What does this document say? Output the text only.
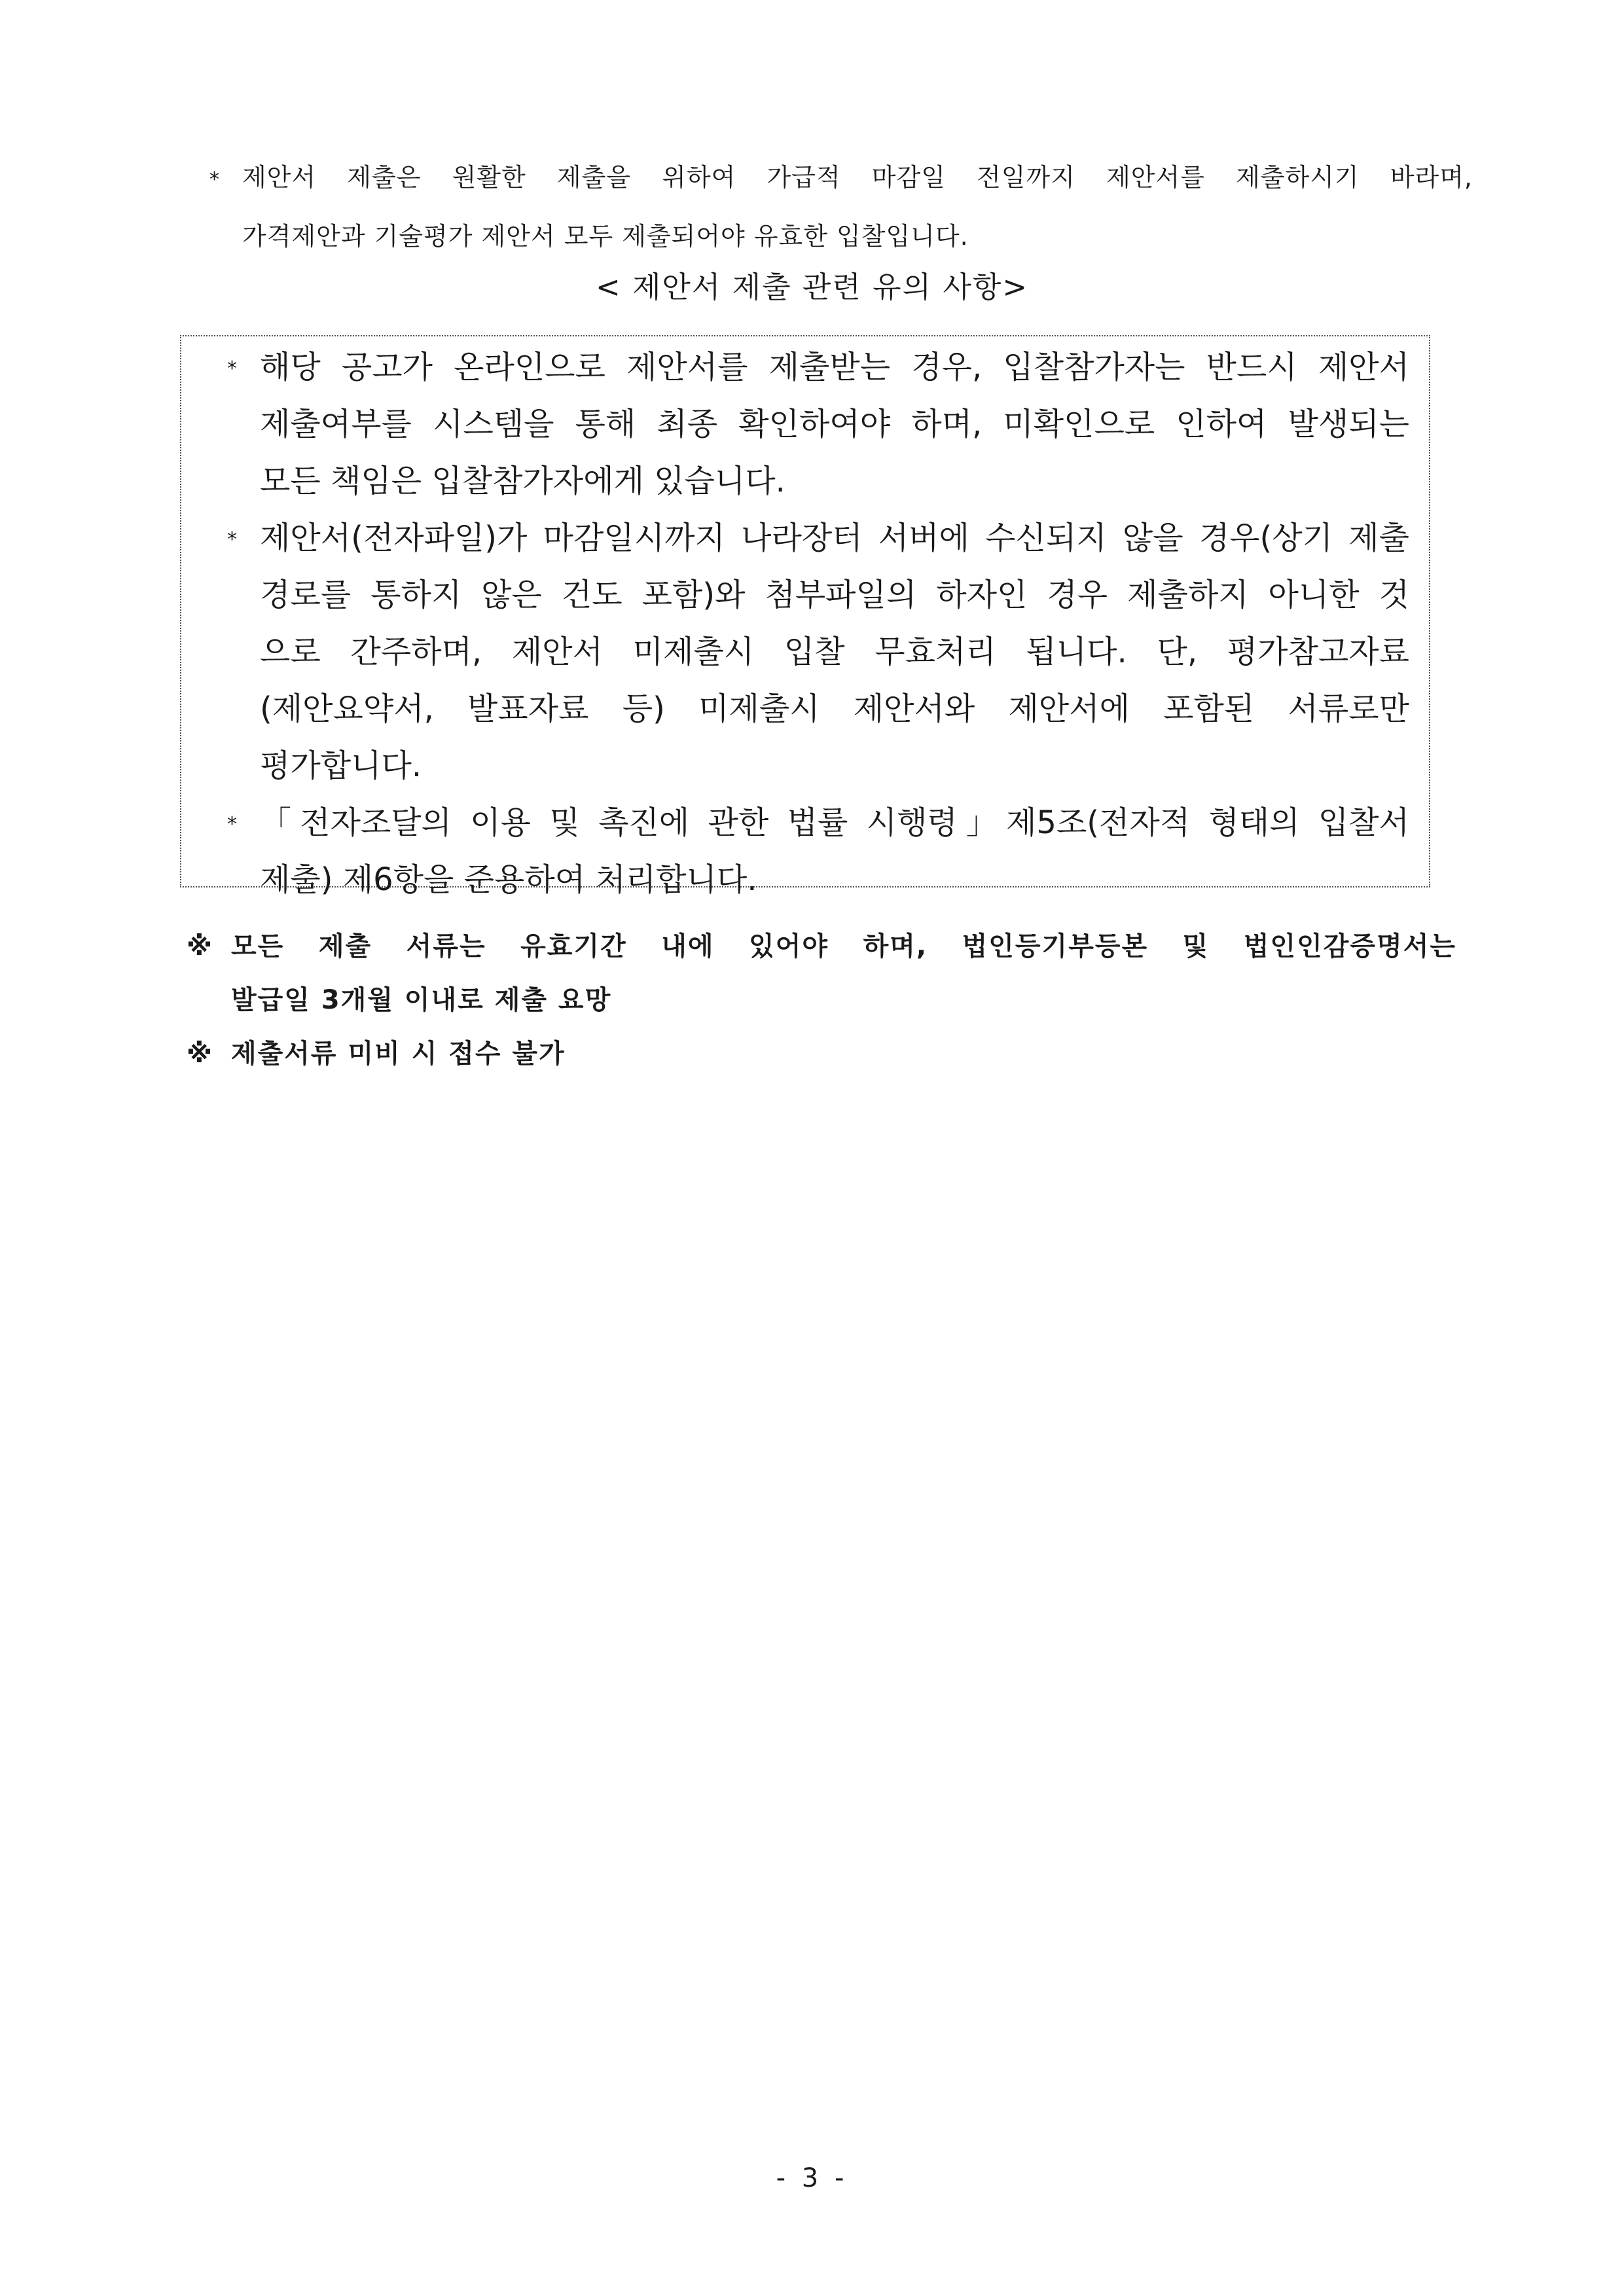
* 제안서 제출은 원활한 제출을 위하여 가급적 마감일 전일까지 제안서를 제출하시기 바라며,
가격제안과 기술평가 제안서 모두 제출되어야 유효한 입찰입니다.
< 제안서 제출 관련 유의 사항>
* 해당 공고가 온라인으로 제안서를 제출받는 경우, 입찰참가자는 반드시 제안서
제출여부를 시스템을 통해 최종 확인하여야 하며, 미확인으로 인하여 발생되는
모든 책임은 입찰참가자에게 있습니다.
* 제안서(전자파일)가 마감일시까지 나라장터 서버에 수신되지 않을 경우(상기 제출
경로를 통하지 않은 건도 포함)와 첨부파일의 하자인 경우 제출하지 아니한 것
으로 간주하며, 제안서 미제출시 입찰 무효처리 됩니다. 단, 평가참고자료
(제안요약서, 발표자료 등) 미제출시 제안서와 제안서에 포함된 서류로만
평가합니다.
* 「전자조달의 이용 및 촉진에 관한 법률 시행령」제5조(전자적 형태의 입찰서
제출) 제6항을 준용하여 처리합니다.
※ 모든 제출 서류는 유효기간 내에 있어야 하며, 법인등기부등본 및 법인인감증명서는
발급일 3개월 이내로 제출 요망
※ 제출서류 미비 시 접수 불가
- 3 -
